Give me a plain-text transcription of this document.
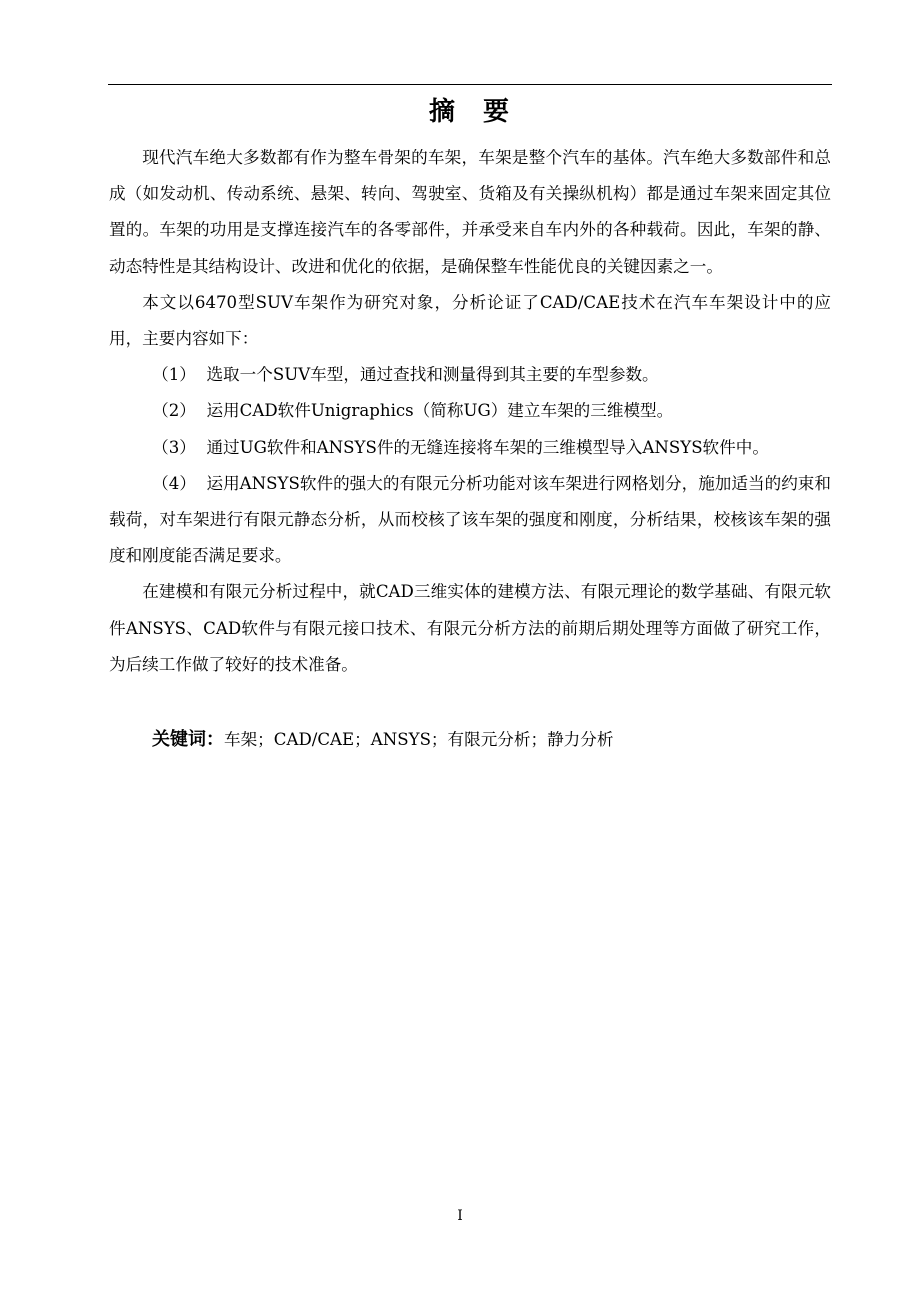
摘 要

现代汽车绝大多数都有作为整车骨架的车架，车架是整个汽车的基体。汽车绝大多数部件和总成（如发动机、传动系统、悬架、转向、驾驶室、货箱及有关操纵机构）都是通过车架来固定其位置的。车架的功用是支撑连接汽车的各零部件，并承受来自车内外的各种载荷。因此，车架的静、动态特性是其结构设计、改进和优化的依据，是确保整车性能优良的关键因素之一。

本文以6470型SUV车架作为研究对象，分析论证了CAD/CAE技术在汽车车架设计中的应用，主要内容如下：

（1） 选取一个SUV车型，通过查找和测量得到其主要的车型参数。

（2） 运用CAD软件Unigraphics（简称UG）建立车架的三维模型。

（3） 通过UG软件和ANSYS件的无缝连接将车架的三维模型导入ANSYS软件中。

（4） 运用ANSYS软件的强大的有限元分析功能对该车架进行网格划分，施加适当的约束和载荷，对车架进行有限元静态分析，从而校核了该车架的强度和刚度，分析结果，校核该车架的强度和刚度能否满足要求。

在建模和有限元分析过程中，就CAD三维实体的建模方法、有限元理论的数学基础、有限元软件ANSYS、CAD软件与有限元接口技术、有限元分析方法的前期后期处理等方面做了研究工作，为后续工作做了较好的技术准备。

关键词：车架；CAD/CAE；ANSYS；有限元分析；静力分析
I
